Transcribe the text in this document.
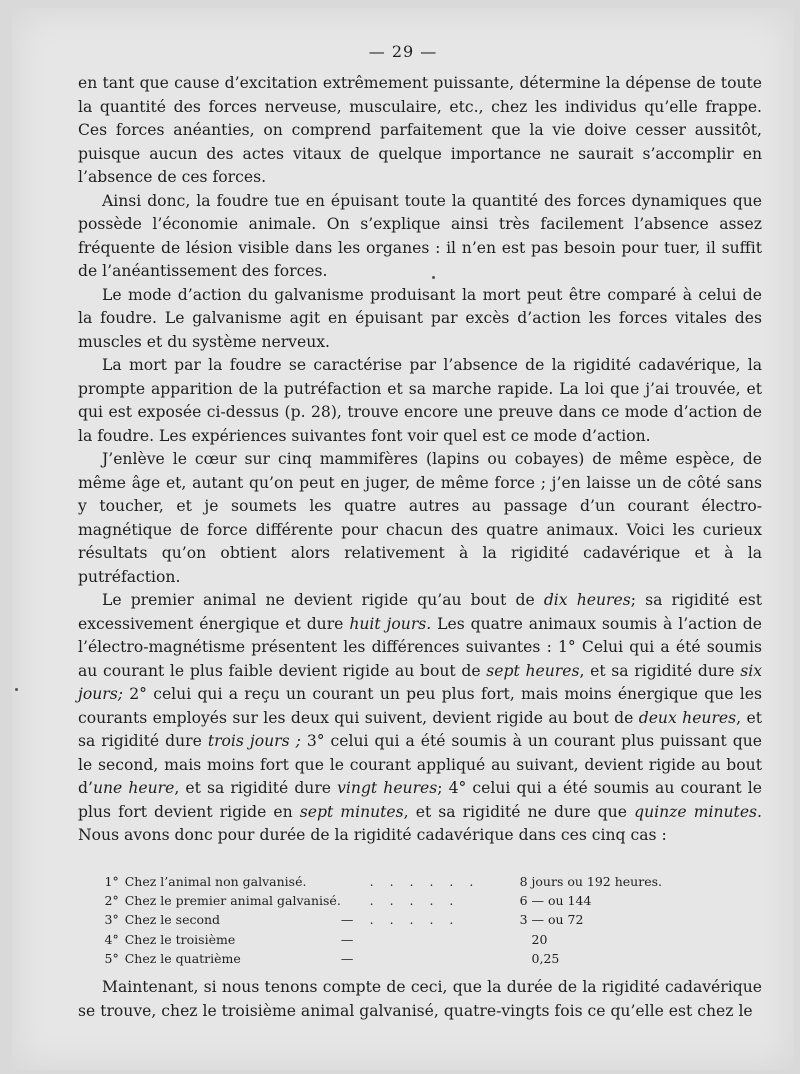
— 29 —

en tant que cause d’excitation extrêmement puissante, détermine la dépense de toute la quantité des forces nerveuse, musculaire, etc., chez les individus qu’elle frappe. Ces forces anéanties, on comprend parfaitement que la vie doive cesser aussitôt, puisque aucun des actes vitaux de quelque importance ne saurait s’accomplir en l’absence de ces forces.

Ainsi donc, la foudre tue en épuisant toute la quantité des forces dynamiques que possède l’économie animale. On s’explique ainsi très facilement l’absence assez fréquente de lésion visible dans les organes : il n’en est pas besoin pour tuer, il suffit de l’anéantissement des forces.

Le mode d’action du galvanisme produisant la mort peut être comparé à celui de la foudre. Le galvanisme agit en épuisant par excès d’action les forces vitales des muscles et du système nerveux.

La mort par la foudre se caractérise par l’absence de la rigidité cadavérique, la prompte apparition de la putréfaction et sa marche rapide. La loi que j’ai trouvée, et qui est exposée ci-dessus (p. 28), trouve encore une preuve dans ce mode d’action de la foudre. Les expériences suivantes font voir quel est ce mode d’action.

J’enlève le cœur sur cinq mammifères (lapins ou cobayes) de même espèce, de même âge et, autant qu’on peut en juger, de même force ; j’en laisse un de côté sans y toucher, et je soumets les quatre autres au passage d’un courant électro-magnétique de force différente pour chacun des quatre animaux. Voici les curieux résultats qu’on obtient alors relativement à la rigidité cadavérique et à la putréfaction.

Le premier animal ne devient rigide qu’au bout de dix heures; sa rigidité est excessivement énergique et dure huit jours. Les quatre animaux soumis à l’action de l’électro-magnétisme présentent les différences suivantes : 1° Celui qui a été soumis au courant le plus faible devient rigide au bout de sept heures, et sa rigidité dure six jours; 2° celui qui a reçu un courant un peu plus fort, mais moins énergique que les courants employés sur les deux qui suivent, devient rigide au bout de deux heures, et sa rigidité dure trois jours ; 3° celui qui a été soumis à un courant plus puissant que le second, mais moins fort que le courant appliqué au suivant, devient rigide au bout d’une heure, et sa rigidité dure vingt heures; 4° celui qui a été soumis au courant le plus fort devient rigide en sept minutes, et sa rigidité ne dure que quinze minutes. Nous avons donc pour durée de la rigidité cadavérique dans ces cinq cas :

1°	Chez l’animal non galvanisé.		. . . . . .	8	jours ou 192 heures.
2°	Chez le premier animal galvanisé.		. . . . .	6	— ou 144
3°	Chez le second	—	. . . . .	3	— ou 72
4°	Chez le troisième	—			20
5°	Chez le quatrième	—			0,25

Maintenant, si nous tenons compte de ceci, que la durée de la rigidité cadavérique se trouve, chez le troisième animal galvanisé, quatre-vingts fois ce qu’elle est chez le
